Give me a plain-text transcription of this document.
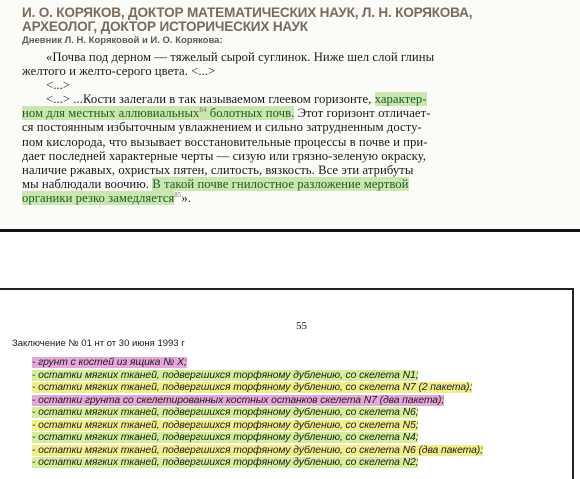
И. О. КОРЯКОВ, ДОКТОР МАТЕМАТИЧЕСКИХ НАУК, Л. Н. КОРЯКОВА,
АРХЕОЛОГ, ДОКТОР ИСТОРИЧЕСКИХ НАУК
Дневник Л. Н. Коряковой и И. О. Корякова:
«Почва под дерном — тяжелый сырой суглинок. Ниже шел слой глины
желтого и желто-серого цвета. <...>
<...>
<...> ...Кости залегали в так называемом глеевом горизонте, характер-
ном для местных аллювиальных$^{84}$ болотных почв. Этот горизонт отличает-
ся постоянным избыточным увлажнением и сильно затрудненным досту-
пом кислорода, что вызывает восстановительные процессы в почве и при-
дает последней характерные черты — сизую или грязно-зеленую окраску,
наличие ржавых, охристых пятен, слитость, вязкость. Все эти атрибуты
мы наблюдали воочию. В такой почве гнилостное разложение мертвой
органики резко замедляется$^{85}$».
55
Заключение № 01 нт от 30 июня 1993 г
- грунт с костей из ящика № X;
- остатки мягких тканей, подвергшихся торфяному дублению, со скелета N1;
- остатки мягких тканей, подвергшихся торфяному дублению, со скелета N7 (2 пакета);
- остатки грунта со скелетированных костных останков скелета N7 (два пакета);
- остатки мягких тканей, подвергшихся торфяному дублению, со скелета N6;
- остатки мягких тканей, подвергшихся торфяному дублению, со скелета N5;
- остатки мягких тканей, подвергшихся торфяному дублению, со скелета N4;
- остатки мягких тканей, подвергшихся торфяному дублению, со скелета N6 (два пакета);
- остатки мягких тканей, подвергшихся торфяному дублению, со скелета N2;
